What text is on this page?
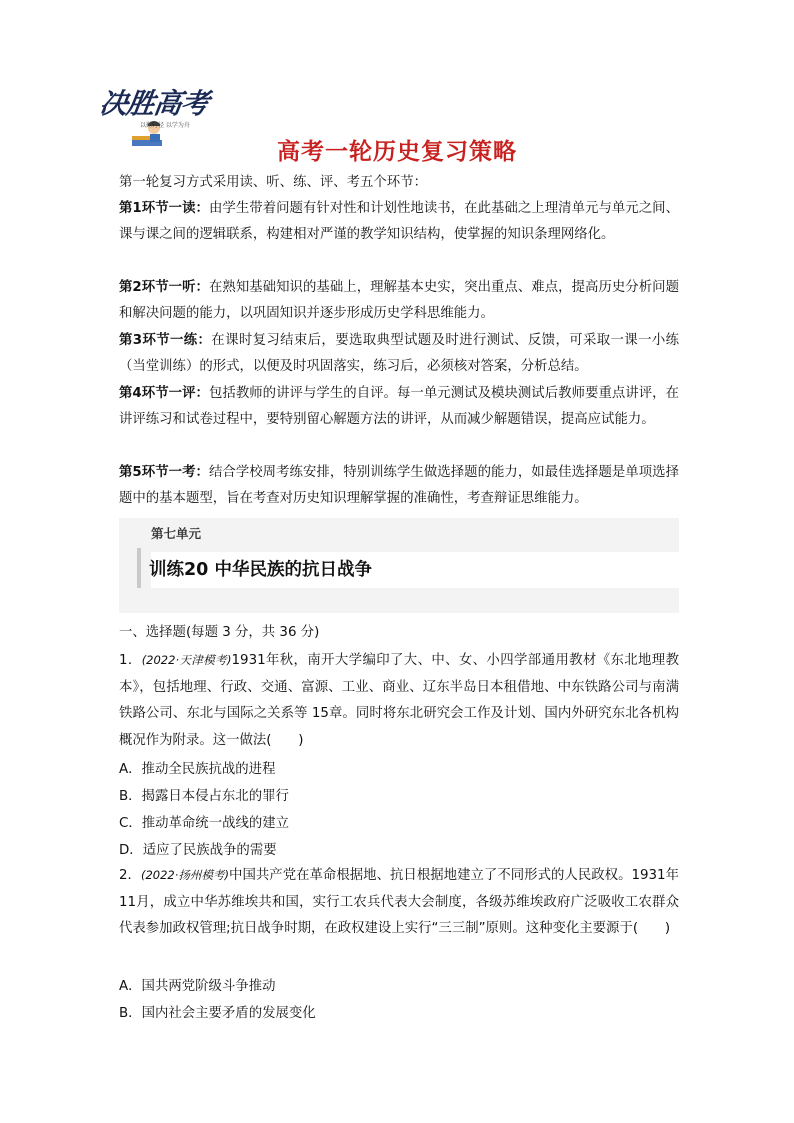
决胜高考
以勤为径 以学为舟
高考一轮历史复习策略

第一轮复习方式采用读、听、练、评、考五个环节：

第1环节一读：由学生带着问题有针对性和计划性地读书，在此基础之上理清单元与单元之间、课与课之间的逻辑联系，构建相对严谨的教学知识结构，使掌握的知识条理网络化。

第2环节一听：在熟知基础知识的基础上，理解基本史实，突出重点、难点，提高历史分析问题和解决问题的能力，以巩固知识并逐步形成历史学科思维能力。

第3环节一练：在课时复习结束后，要选取典型试题及时进行测试、反馈，可采取一课一小练（当堂训练）的形式，以便及时巩固落实，练习后，必须核对答案，分析总结。

第4环节一评：包括教师的讲评与学生的自评。每一单元测试及模块测试后教师要重点讲评，在讲评练习和试卷过程中，要特别留心解题方法的讲评，从而减少解题错误，提高应试能力。

第5环节一考：结合学校周考练安排，特别训练学生做选择题的能力，如最佳选择题是单项选择题中的基本题型，旨在考查对历史知识理解掌握的准确性，考查辩证思维能力。

第七单元
训练20 中华民族的抗日战争

一、选择题(每题 3 分，共 36 分)

1．(2022·天津模考)1931年秋，南开大学编印了大、中、女、小四学部通用教材《东北地理教本》，包括地理、行政、交通、富源、工业、商业、辽东半岛日本租借地、中东铁路公司与南满铁路公司、东北与国际之关系等 15章。同时将东北研究会工作及计划、国内外研究东北各机构概况作为附录。这一做法(　　)

A．推动全民族抗战的进程
B．揭露日本侵占东北的罪行
C．推动革命统一战线的建立
D．适应了民族战争的需要

2．(2022·扬州模考)中国共产党在革命根据地、抗日根据地建立了不同形式的人民政权。1931年 11月，成立中华苏维埃共和国，实行工农兵代表大会制度，各级苏维埃政府广泛吸收工农群众代表参加政权管理;抗日战争时期，在政权建设上实行“三三制”原则。这种变化主要源于(　　)

A．国共两党阶级斗争推动
B．国内社会主要矛盾的发展变化
